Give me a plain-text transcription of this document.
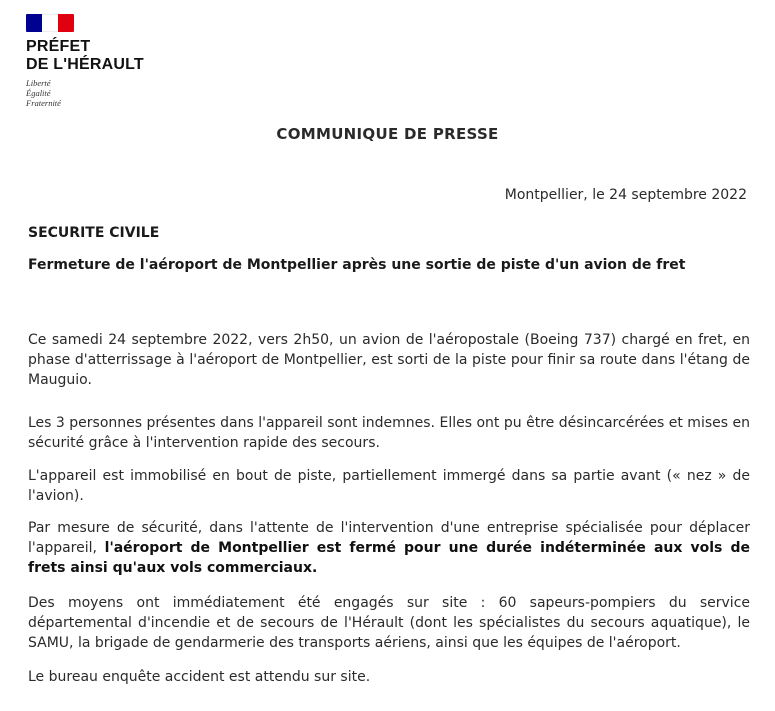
PRÉFET
DE L'HÉRAULT
Liberté
Égalité
Fraternité
COMMUNIQUE DE PRESSE
Montpellier, le 24 septembre 2022
SECURITE CIVILE
Fermeture de l'aéroport de Montpellier après une sortie de piste d'un avion de fret
Ce samedi 24 septembre 2022, vers 2h50, un avion de l'aéropostale (Boeing 737) chargé en fret, en phase d'atterrissage à l'aéroport de Montpellier, est sorti de la piste pour finir sa route dans l'étang de Mauguio.
Les 3 personnes présentes dans l'appareil sont indemnes. Elles ont pu être désincarcérées et mises en sécurité grâce à l'intervention rapide des secours.
L'appareil est immobilisé en bout de piste, partiellement immergé dans sa partie avant (« nez » de l'avion).
Par mesure de sécurité, dans l'attente de l'intervention d'une entreprise spécialisée pour déplacer l'appareil, l'aéroport de Montpellier est fermé pour une durée indéterminée aux vols de frets ainsi qu'aux vols commerciaux.
Des moyens ont immédiatement été engagés sur site : 60 sapeurs-pompiers du service départemental d'incendie et de secours de l'Hérault (dont les spécialistes du secours aquatique), le SAMU, la brigade de gendarmerie des transports aériens, ainsi que les équipes de l'aéroport.
Le bureau enquête accident est attendu sur site.
